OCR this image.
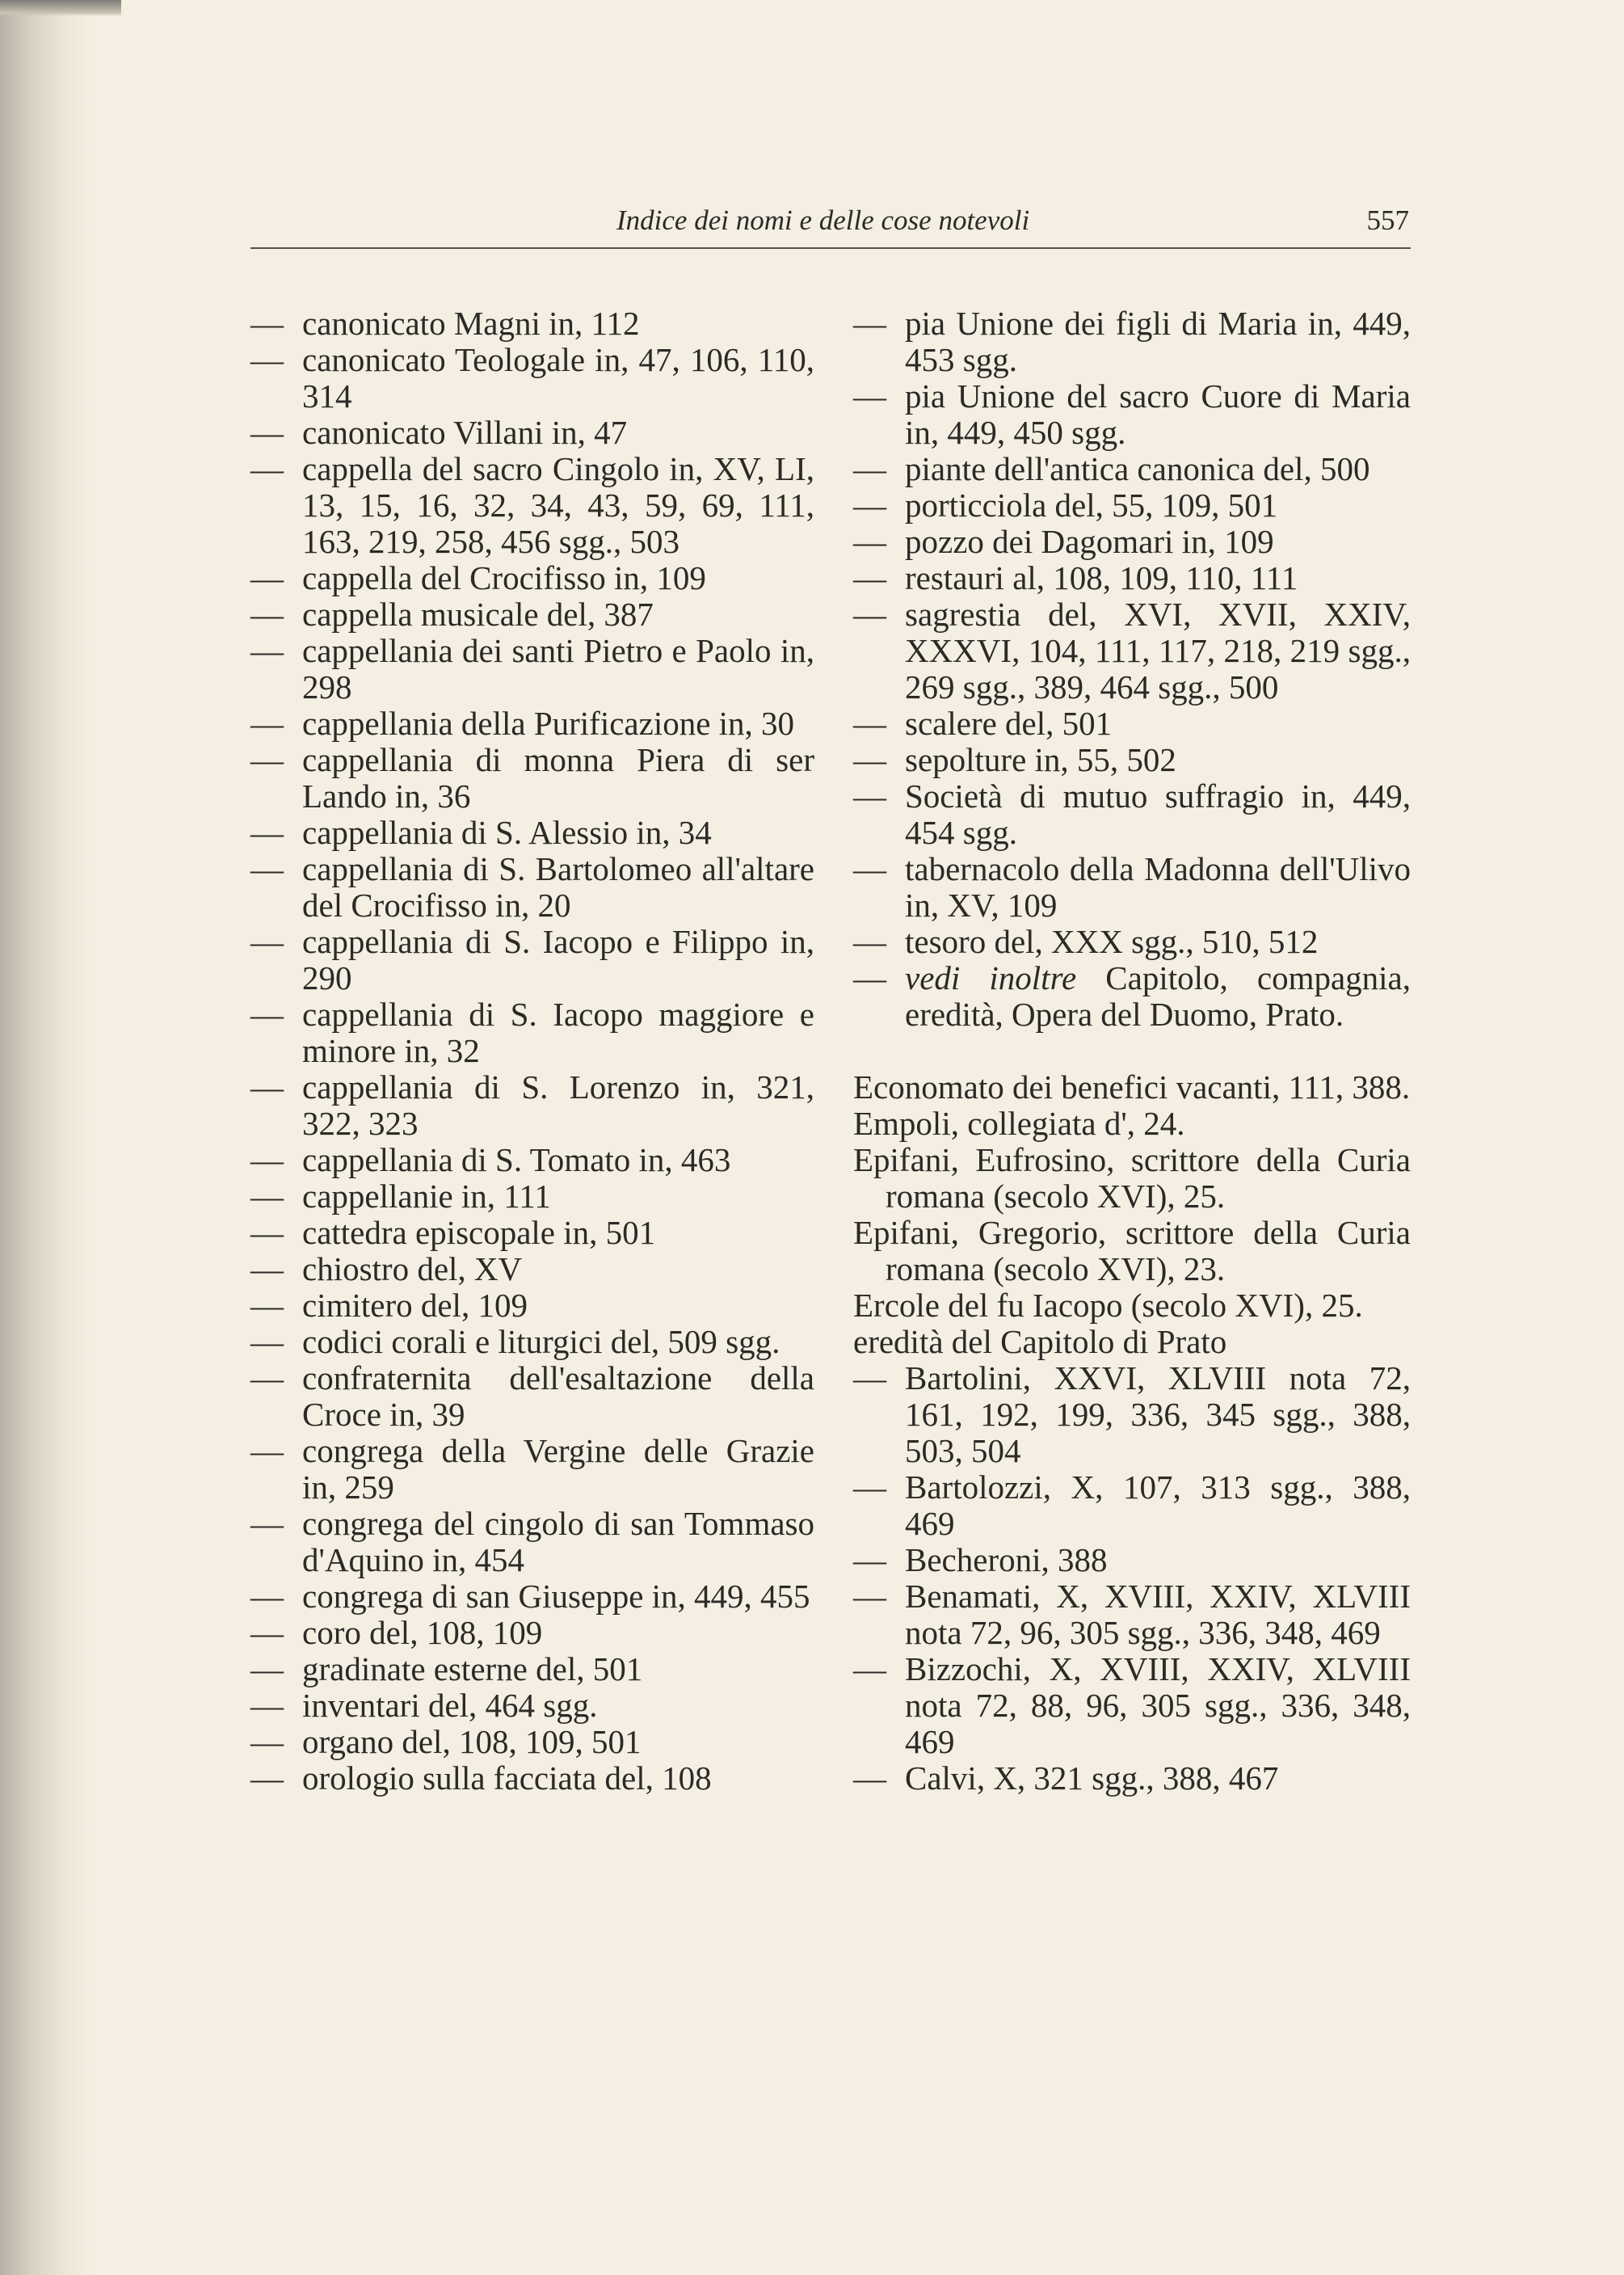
Indice dei nomi e delle cose notevoli	557
— canonicato Magni in, 112
— canonicato Teologale in, 47, 106, 110, 314
— canonicato Villani in, 47
— cappella del sacro Cingolo in, XV, LI, 13, 15, 16, 32, 34, 43, 59, 69, 111, 163, 219, 258, 456 sgg., 503
— cappella del Crocifisso in, 109
— cappella musicale del, 387
— cappellania dei santi Pietro e Paolo in, 298
— cappellania della Purificazione in, 30
— cappellania di monna Piera di ser Lando in, 36
— cappellania di S. Alessio in, 34
— cappellania di S. Bartolomeo all'altare del Crocifisso in, 20
— cappellania di S. Iacopo e Filippo in, 290
— cappellania di S. Iacopo maggiore e minore in, 32
— cappellania di S. Lorenzo in, 321, 322, 323
— cappellania di S. Tomato in, 463
— cappellanie in, 111
— cattedra episcopale in, 501
— chiostro del, XV
— cimitero del, 109
— codici corali e liturgici del, 509 sgg.
— confraternita dell'esaltazione della Croce in, 39
— congrega della Vergine delle Grazie in, 259
— congrega del cingolo di san Tommaso d'Aquino in, 454
— congrega di san Giuseppe in, 449, 455
— coro del, 108, 109
— gradinate esterne del, 501
— inventari del, 464 sgg.
— organo del, 108, 109, 501
— orologio sulla facciata del, 108
— pia Unione dei figli di Maria in, 449, 453 sgg.
— pia Unione del sacro Cuore di Maria in, 449, 450 sgg.
— piante dell'antica canonica del, 500
— porticciola del, 55, 109, 501
— pozzo dei Dagomari in, 109
— restauri al, 108, 109, 110, 111
— sagrestia del, XVI, XVII, XXIV, XXXVI, 104, 111, 117, 218, 219 sgg., 269 sgg., 389, 464 sgg., 500
— scalere del, 501
— sepolture in, 55, 502
— Società di mutuo suffragio in, 449, 454 sgg.
— tabernacolo della Madonna dell'Ulivo in, XV, 109
— tesoro del, XXX sgg., 510, 512
— vedi inoltre Capitolo, compagnia, eredità, Opera del Duomo, Prato.
Economato dei benefici vacanti, 111, 388.
Empoli, collegiata d', 24.
Epifani, Eufrosino, scrittore della Curia romana (secolo XVI), 25.
Epifani, Gregorio, scrittore della Curia romana (secolo XVI), 23.
Ercole del fu Iacopo (secolo XVI), 25.
eredità del Capitolo di Prato
— Bartolini, XXVI, XLVIII nota 72, 161, 192, 199, 336, 345 sgg., 388, 503, 504
— Bartolozzi, X, 107, 313 sgg., 388, 469
— Becheroni, 388
— Benamati, X, XVIII, XXIV, XLVIII nota 72, 96, 305 sgg., 336, 348, 469
— Bizzochi, X, XVIII, XXIV, XLVIII nota 72, 88, 96, 305 sgg., 336, 348, 469
— Calvi, X, 321 sgg., 388, 467
